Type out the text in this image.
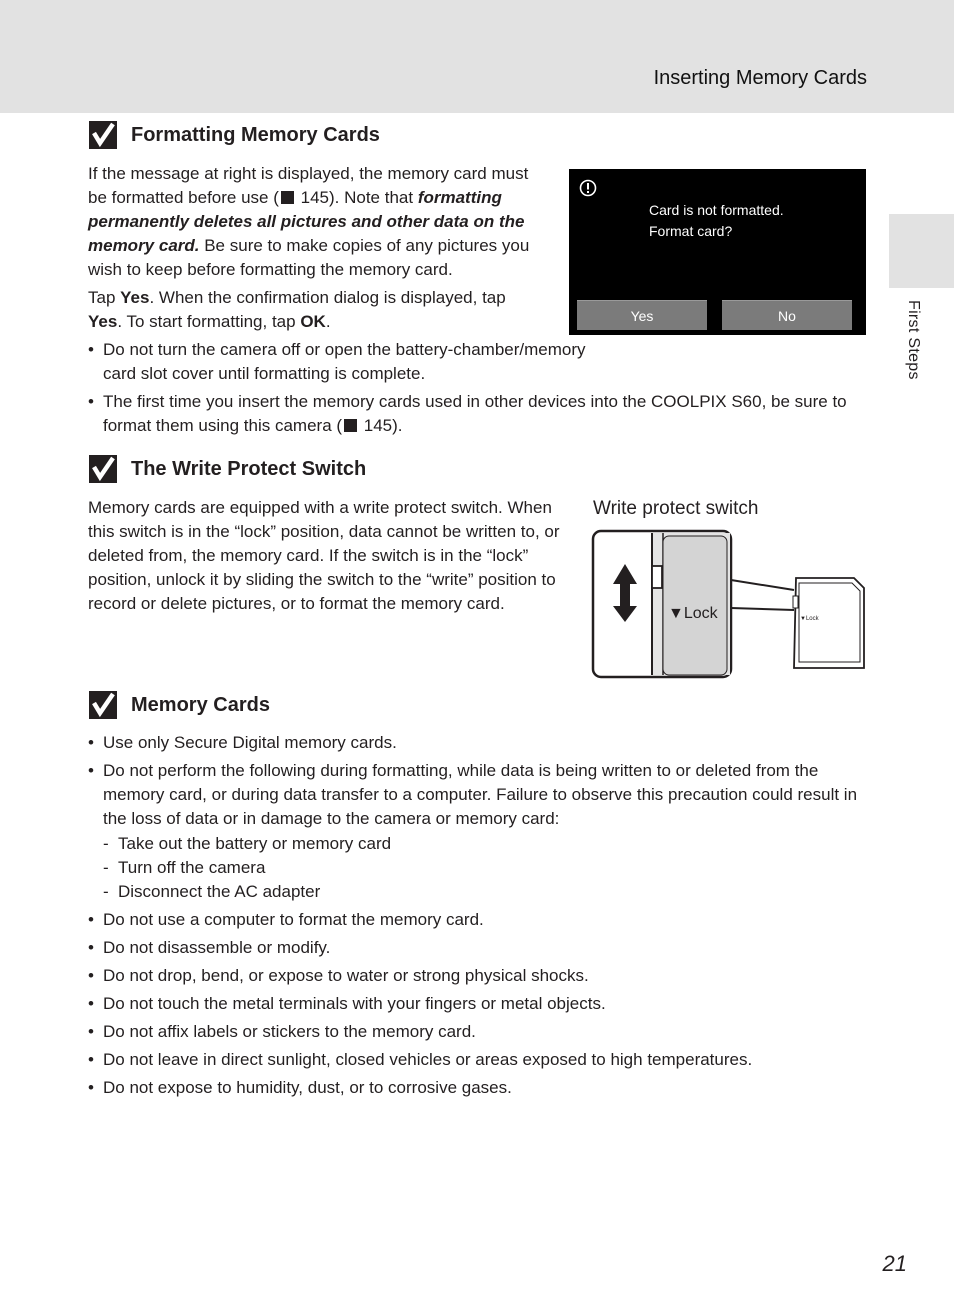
Inserting Memory Cards
First Steps
Formatting Memory Cards

If the message at right is displayed, the memory card must be formatted before use ( 145). Note that formatting permanently deletes all pictures and other data on the memory card. Be sure to make copies of any pictures you wish to keep before formatting the memory card.

Tap Yes. When the confirmation dialog is displayed, tap Yes. To start formatting, tap OK.

• Do not turn the camera off or open the battery-chamber/memory card slot cover until formatting is complete.
• The first time you insert the memory cards used in other devices into the COOLPIX S60, be sure to format them using this camera ( 145).
Card is not formatted.
Format card?
Yes	No
The Write Protect Switch

Memory cards are equipped with a write protect switch. When this switch is in the “lock” position, data cannot be written to, or deleted from, the memory card. If the switch is in the “lock” position, unlock it by sliding the switch to the “write” position to record or delete pictures, or to format the memory card.

Write protect switch
▼Lock	▼Lock
Memory Cards
• Use only Secure Digital memory cards.
• Do not perform the following during formatting, while data is being written to or deleted from the memory card, or during data transfer to a computer. Failure to observe this precaution could result in the loss of data or in damage to the camera or memory card:
- Take out the battery or memory card
- Turn off the camera
- Disconnect the AC adapter
• Do not use a computer to format the memory card.
• Do not disassemble or modify.
• Do not drop, bend, or expose to water or strong physical shocks.
• Do not touch the metal terminals with your fingers or metal objects.
• Do not affix labels or stickers to the memory card.
• Do not leave in direct sunlight, closed vehicles or areas exposed to high temperatures.
• Do not expose to humidity, dust, or to corrosive gases.
21
